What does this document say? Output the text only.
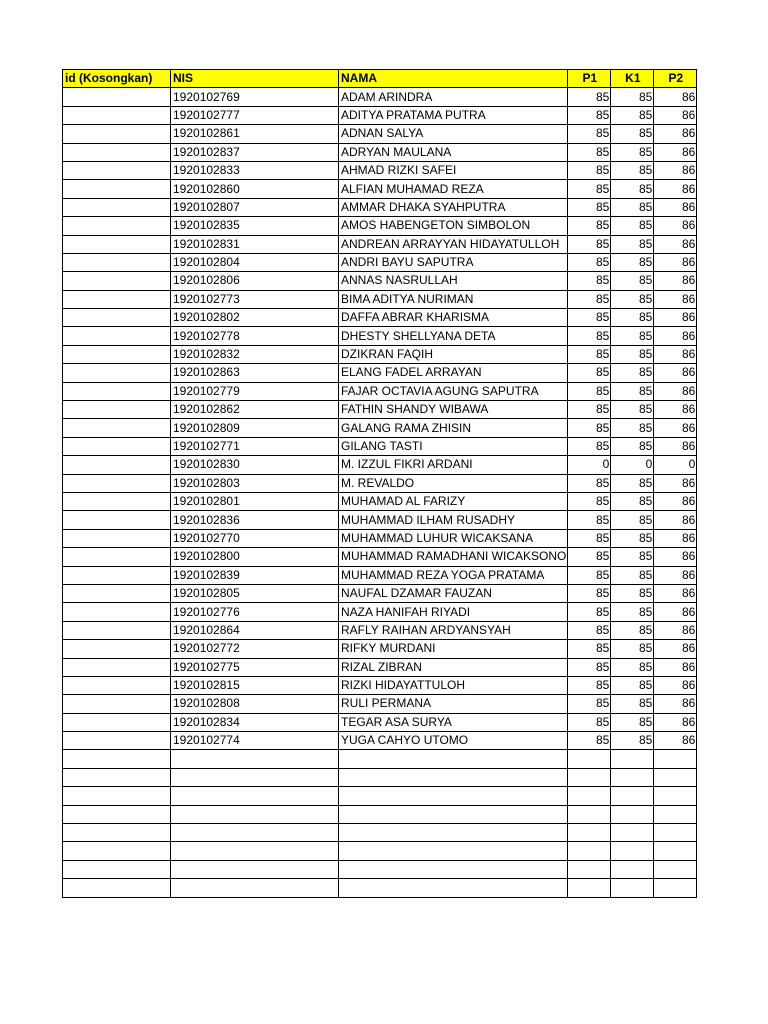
id (Kosongkan)	NIS	NAMA	P1	K1	P2
	1920102769	ADAM ARINDRA	85	85	86
	1920102777	ADITYA PRATAMA PUTRA	85	85	86
	1920102861	ADNAN SALYA	85	85	86
	1920102837	ADRYAN MAULANA	85	85	86
	1920102833	AHMAD RIZKI SAFEI	85	85	86
	1920102860	ALFIAN MUHAMAD REZA	85	85	86
	1920102807	AMMAR DHAKA SYAHPUTRA	85	85	86
	1920102835	AMOS HABENGETON SIMBOLON	85	85	86
	1920102831	ANDREAN ARRAYYAN HIDAYATULLOH	85	85	86
	1920102804	ANDRI BAYU SAPUTRA	85	85	86
	1920102806	ANNAS NASRULLAH	85	85	86
	1920102773	BIMA ADITYA NURIMAN	85	85	86
	1920102802	DAFFA ABRAR KHARISMA	85	85	86
	1920102778	DHESTY SHELLYANA DETA	85	85	86
	1920102832	DZIKRAN FAQIH	85	85	86
	1920102863	ELANG FADEL ARRAYAN	85	85	86
	1920102779	FAJAR OCTAVIA AGUNG SAPUTRA	85	85	86
	1920102862	FATHIN SHANDY WIBAWA	85	85	86
	1920102809	GALANG RAMA ZHISIN	85	85	86
	1920102771	GILANG TASTI	85	85	86
	1920102830	M. IZZUL FIKRI ARDANI	0	0	0
	1920102803	M. REVALDO	85	85	86
	1920102801	MUHAMAD AL FARIZY	85	85	86
	1920102836	MUHAMMAD ILHAM RUSADHY	85	85	86
	1920102770	MUHAMMAD LUHUR WICAKSANA	85	85	86
	1920102800	MUHAMMAD RAMADHANI WICAKSONO	85	85	86
	1920102839	MUHAMMAD REZA YOGA PRATAMA	85	85	86
	1920102805	NAUFAL DZAMAR FAUZAN	85	85	86
	1920102776	NAZA HANIFAH RIYADI	85	85	86
	1920102864	RAFLY RAIHAN ARDYANSYAH	85	85	86
	1920102772	RIFKY MURDANI	85	85	86
	1920102775	RIZAL ZIBRAN	85	85	86
	1920102815	RIZKI HIDAYATTULOH	85	85	86
	1920102808	RULI PERMANA	85	85	86
	1920102834	TEGAR ASA SURYA	85	85	86
	1920102774	YUGA CAHYO UTOMO	85	85	86
